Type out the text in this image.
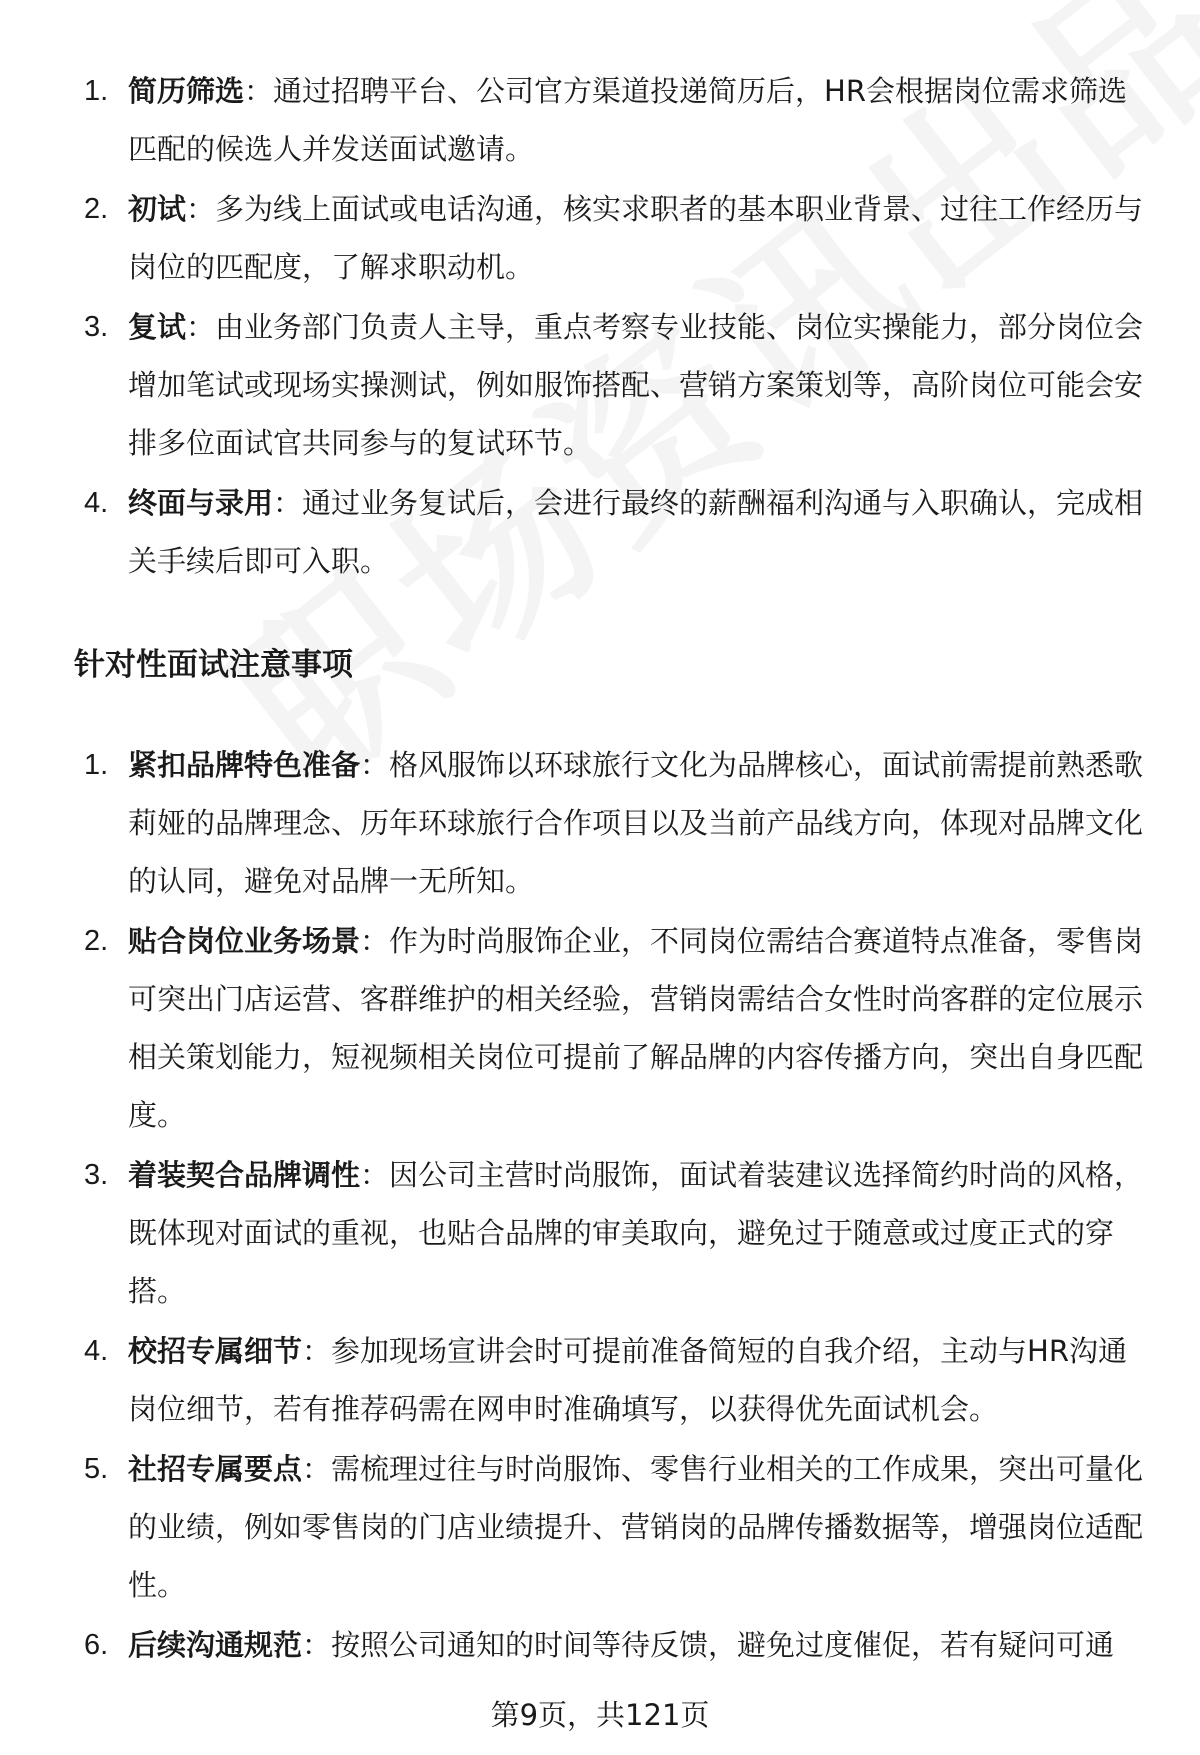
1. 简历筛选：通过招聘平台、公司官方渠道投递简历后，HR会根据岗位需求筛选匹配的候选人并发送面试邀请。
2. 初试：多为线上面试或电话沟通，核实求职者的基本职业背景、过往工作经历与岗位的匹配度，了解求职动机。
3. 复试：由业务部门负责人主导，重点考察专业技能、岗位实操能力，部分岗位会增加笔试或现场实操测试，例如服饰搭配、营销方案策划等，高阶岗位可能会安排多位面试官共同参与的复试环节。
4. 终面与录用：通过业务复试后，会进行最终的薪酬福利沟通与入职确认，完成相关手续后即可入职。
针对性面试注意事项
1. 紧扣品牌特色准备：格风服饰以环球旅行文化为品牌核心，面试前需提前熟悉歌莉娅的品牌理念、历年环球旅行合作项目以及当前产品线方向，体现对品牌文化的认同，避免对品牌一无所知。
2. 贴合岗位业务场景：作为时尚服饰企业，不同岗位需结合赛道特点准备，零售岗可突出门店运营、客群维护的相关经验，营销岗需结合女性时尚客群的定位展示相关策划能力，短视频相关岗位可提前了解品牌的内容传播方向，突出自身匹配度。
3. 着装契合品牌调性：因公司主营时尚服饰，面试着装建议选择简约时尚的风格，既体现对面试的重视，也贴合品牌的审美取向，避免过于随意或过度正式的穿搭。
4. 校招专属细节：参加现场宣讲会时可提前准备简短的自我介绍，主动与HR沟通岗位细节，若有推荐码需在网申时准确填写，以获得优先面试机会。
5. 社招专属要点：需梳理过往与时尚服饰、零售行业相关的工作成果，突出可量化的业绩，例如零售岗的门店业绩提升、营销岗的品牌传播数据等，增强岗位适配性。
6. 后续沟通规范：按照公司通知的时间等待反馈，避免过度催促，若有疑问可通
第9页，共121页
